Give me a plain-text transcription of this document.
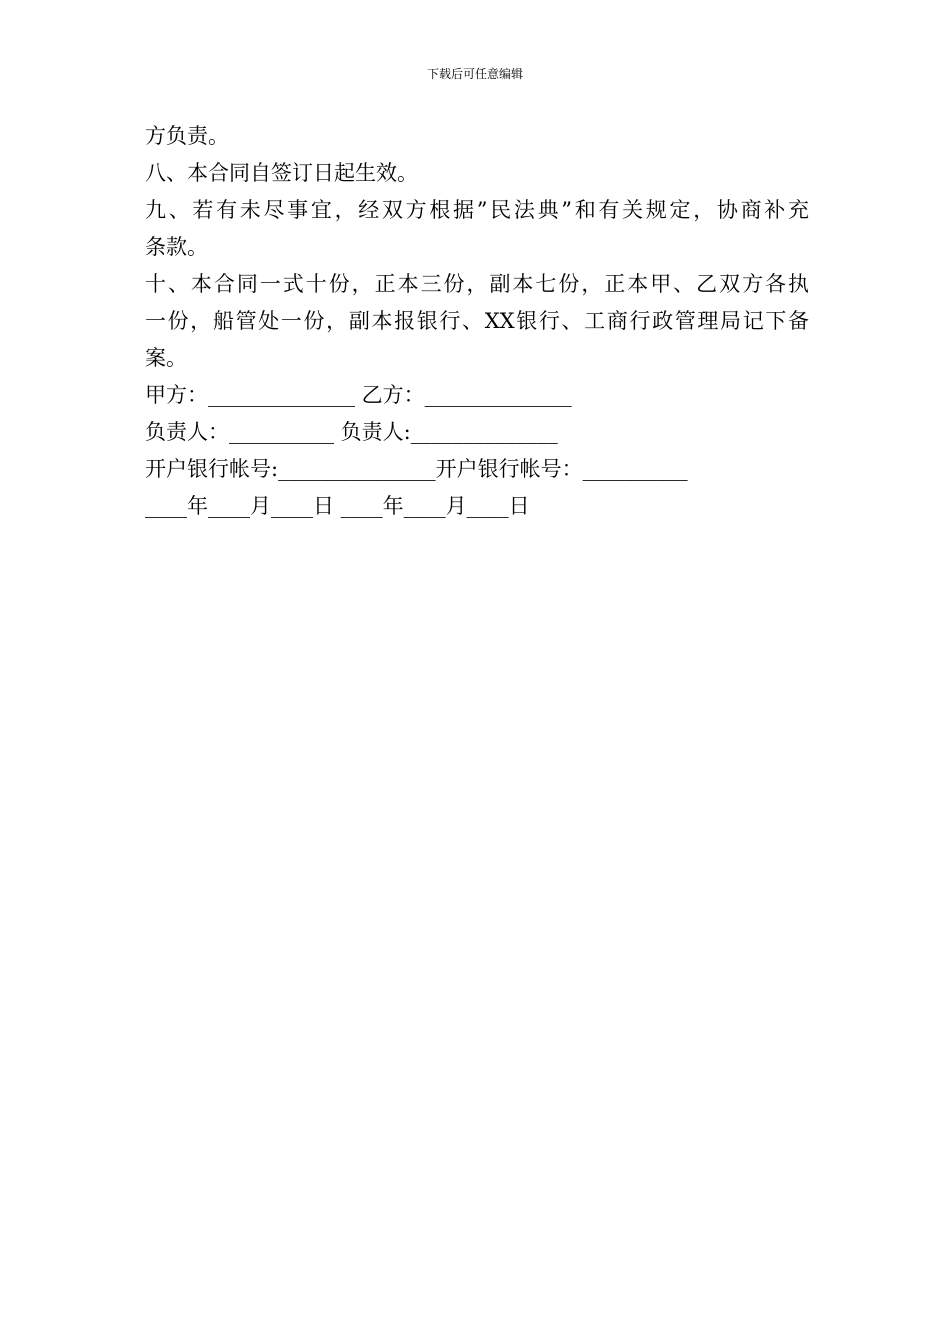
下载后可任意编辑
方负责。
八、本合同自签订日起生效。
九、若有未尽事宜，经双方根据”民法典”和有关规定，协商补充
条款。
十、本合同一式十份，正本三份，副本七份，正本甲、乙双方各执
一份，船管处一份，副本报银行、XX银行、工商行政管理局记下备
案。
甲方：______________ 乙方：______________
负责人：__________ 负责人:______________
开户银行帐号:_______________开户银行帐号：__________
____年____月____日 ____年____月____日
